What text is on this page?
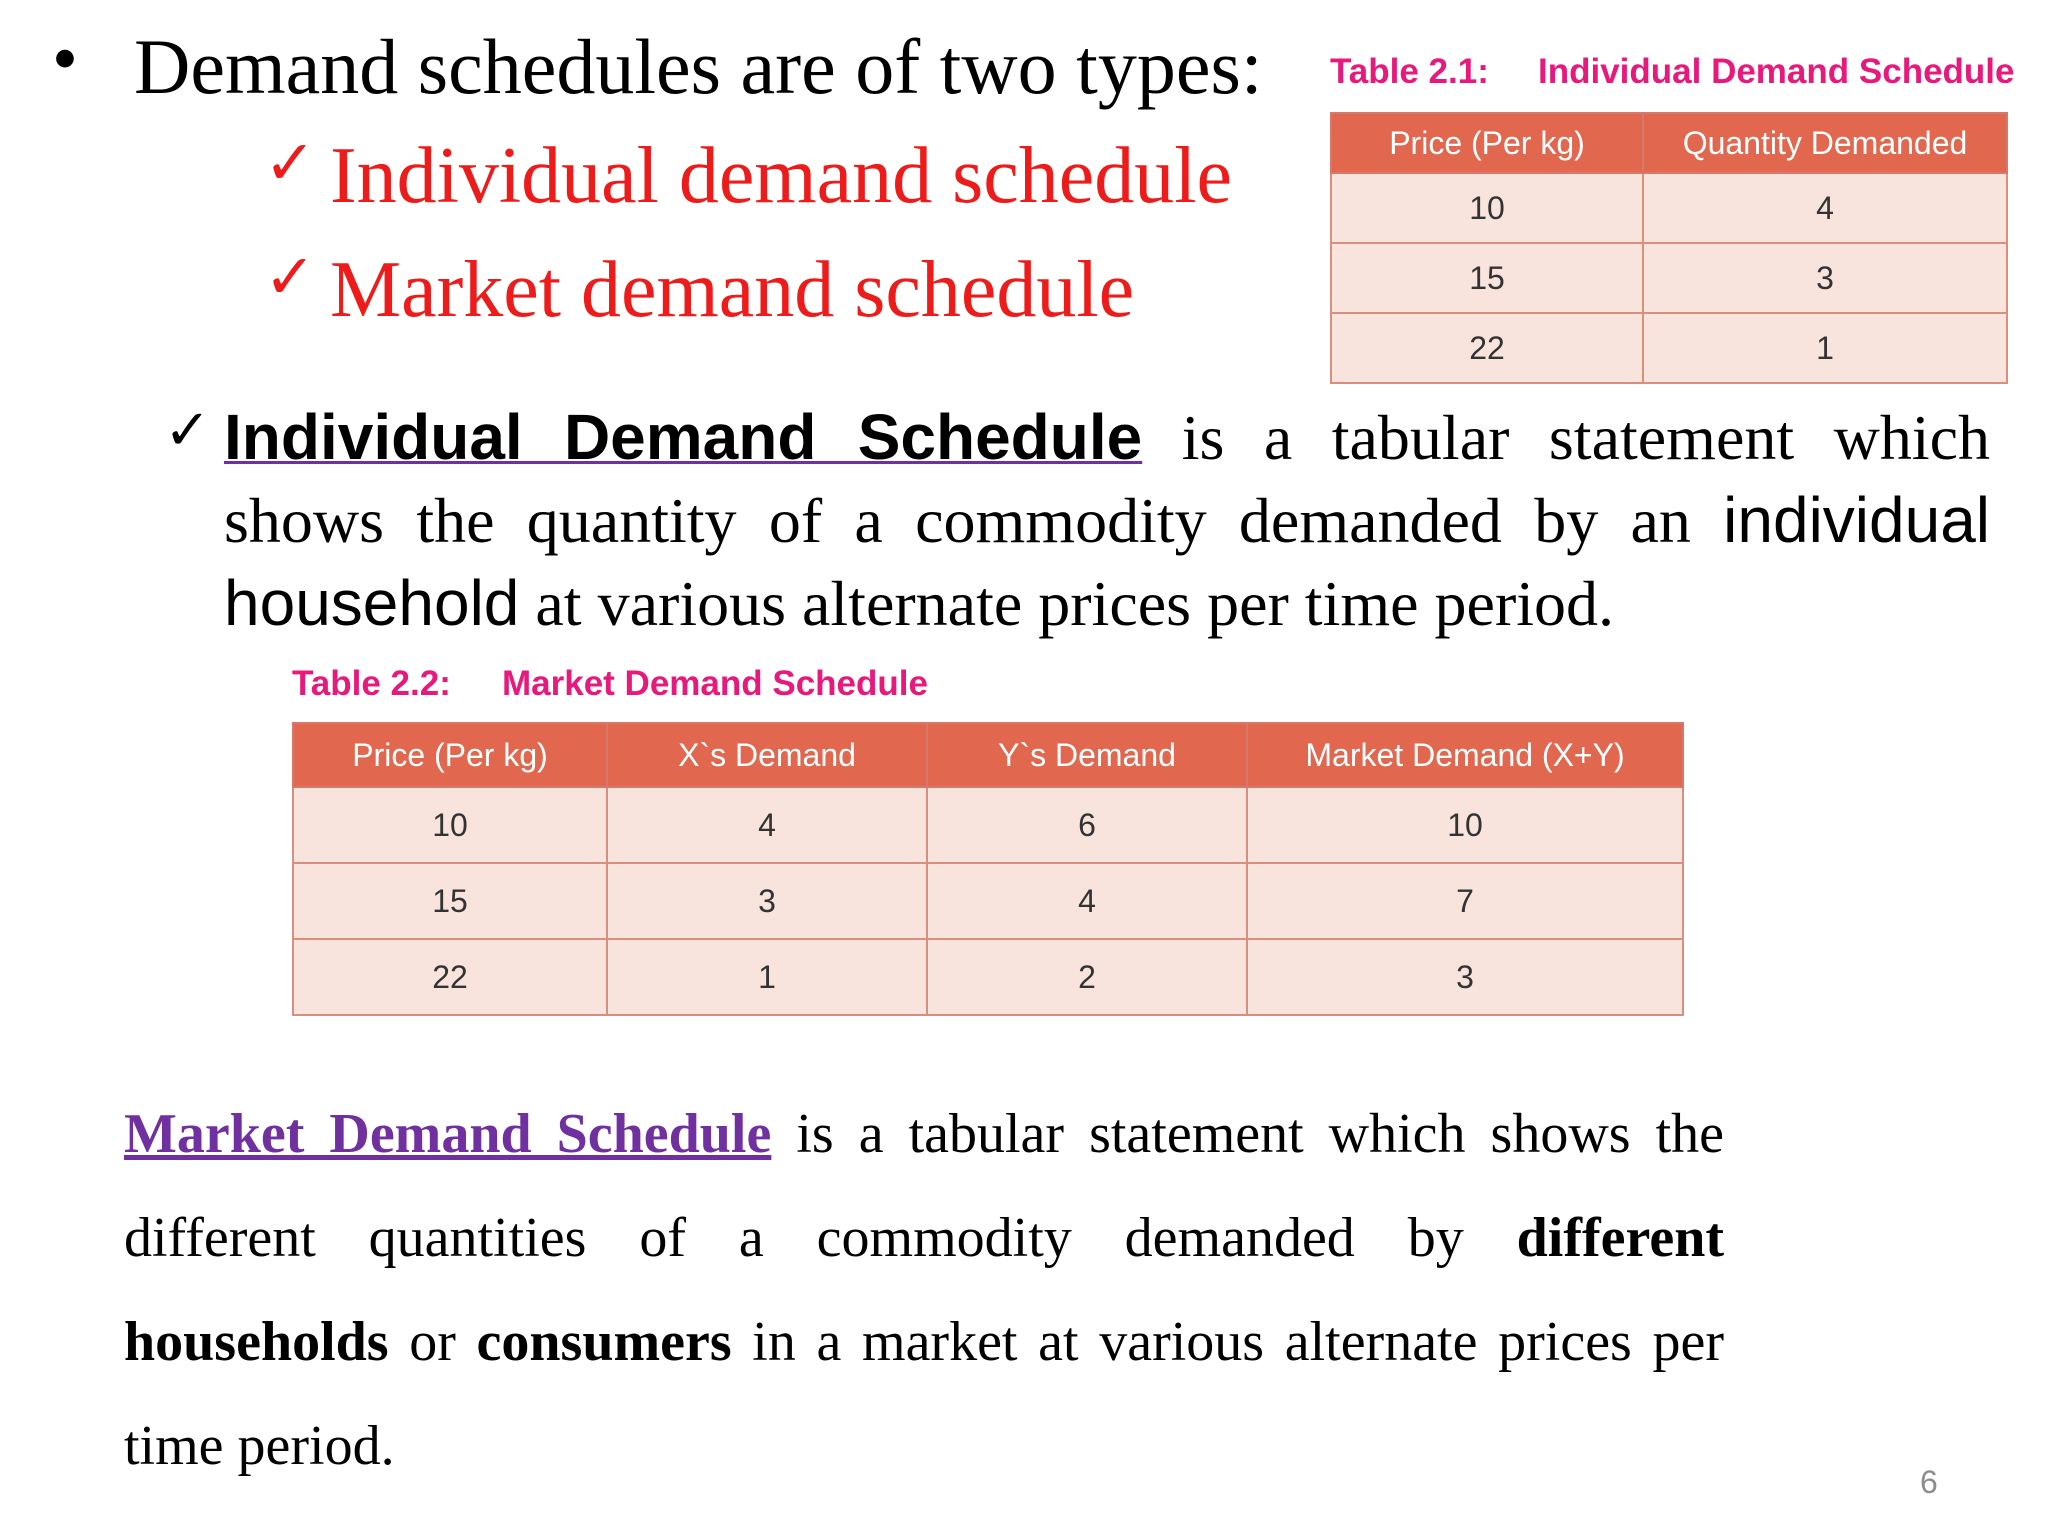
• Demand schedules are of two types:
✓ Individual demand schedule
✓ Market demand schedule
Table 2.1: Individual Demand Schedule
Price (Per kg)	Quantity Demanded
10	4
15	3
22	1
✓ Individual Demand Schedule is a tabular statement which shows the quantity of a commodity demanded by an individual household at various alternate prices per time period.
Table 2.2: Market Demand Schedule
Price (Per kg)	X`s Demand	Y`s Demand	Market Demand (X+Y)
10	4	6	10
15	3	4	7
22	1	2	3
Market Demand Schedule is a tabular statement which shows the different quantities of a commodity demanded by different households or consumers in a market at various alternate prices per time period.
6
